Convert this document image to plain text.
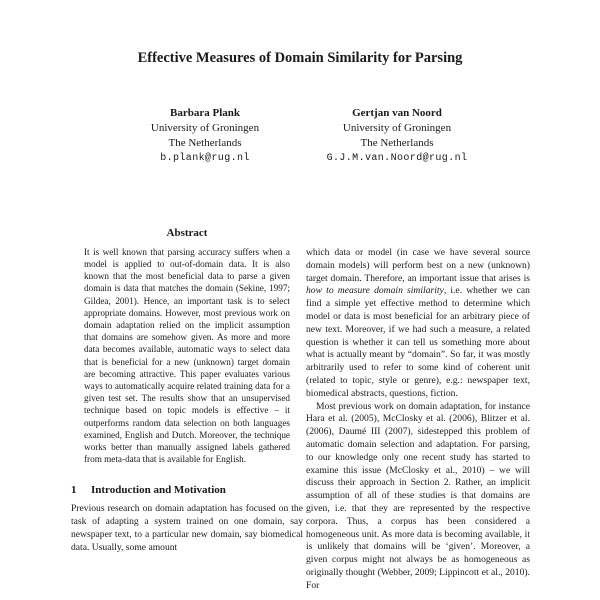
Effective Measures of Domain Similarity for Parsing
Barbara Plank
University of Groningen
The Netherlands
b.plank@rug.nl
Gertjan van Noord
University of Groningen
The Netherlands
G.J.M.van.Noord@rug.nl
Abstract
It is well known that parsing accuracy suffers when a model is applied to out-of-domain data. It is also known that the most beneficial data to parse a given domain is data that matches the domain (Sekine, 1997; Gildea, 2001). Hence, an important task is to select appropriate domains. However, most previous work on domain adaptation relied on the implicit assumption that domains are somehow given. As more and more data becomes available, automatic ways to select data that is beneficial for a new (unknown) target domain are becoming attractive. This paper evaluates various ways to automatically acquire related training data for a given test set. The results show that an unsupervised technique based on topic models is effective – it outperforms random data selection on both languages examined, English and Dutch. Moreover, the technique works better than manually assigned labels gathered from meta-data that is available for English.
1 Introduction and Motivation

Previous research on domain adaptation has focused on the task of adapting a system trained on one domain, say newspaper text, to a particular new domain, say biomedical data. Usually, some amount

which data or model (in case we have several source domain models) will perform best on a new (unknown) target domain. Therefore, an important issue that arises is how to measure domain similarity, i.e. whether we can find a simple yet effective method to determine which model or data is most beneficial for an arbitrary piece of new text. Moreover, if we had such a measure, a related question is whether it can tell us something more about what is actually meant by “domain”. So far, it was mostly arbitrarily used to refer to some kind of coherent unit (related to topic, style or genre), e.g.: newspaper text, biomedical abstracts, questions, fiction.

Most previous work on domain adaptation, for instance Hara et al. (2005), McClosky et al. (2006), Blitzer et al. (2006), Daumé III (2007), sidestepped this problem of automatic domain selection and adaptation. For parsing, to our knowledge only one recent study has started to examine this issue (McClosky et al., 2010) – we will discuss their approach in Section 2. Rather, an implicit assumption of all of these studies is that domains are given, i.e. that they are represented by the respective corpora. Thus, a corpus has been considered a homogeneous unit. As more data is becoming available, it is unlikely that domains will be ‘given’. Moreover, a given corpus might not always be as homogeneous as originally thought (Webber, 2009; Lippincott et al., 2010). For
